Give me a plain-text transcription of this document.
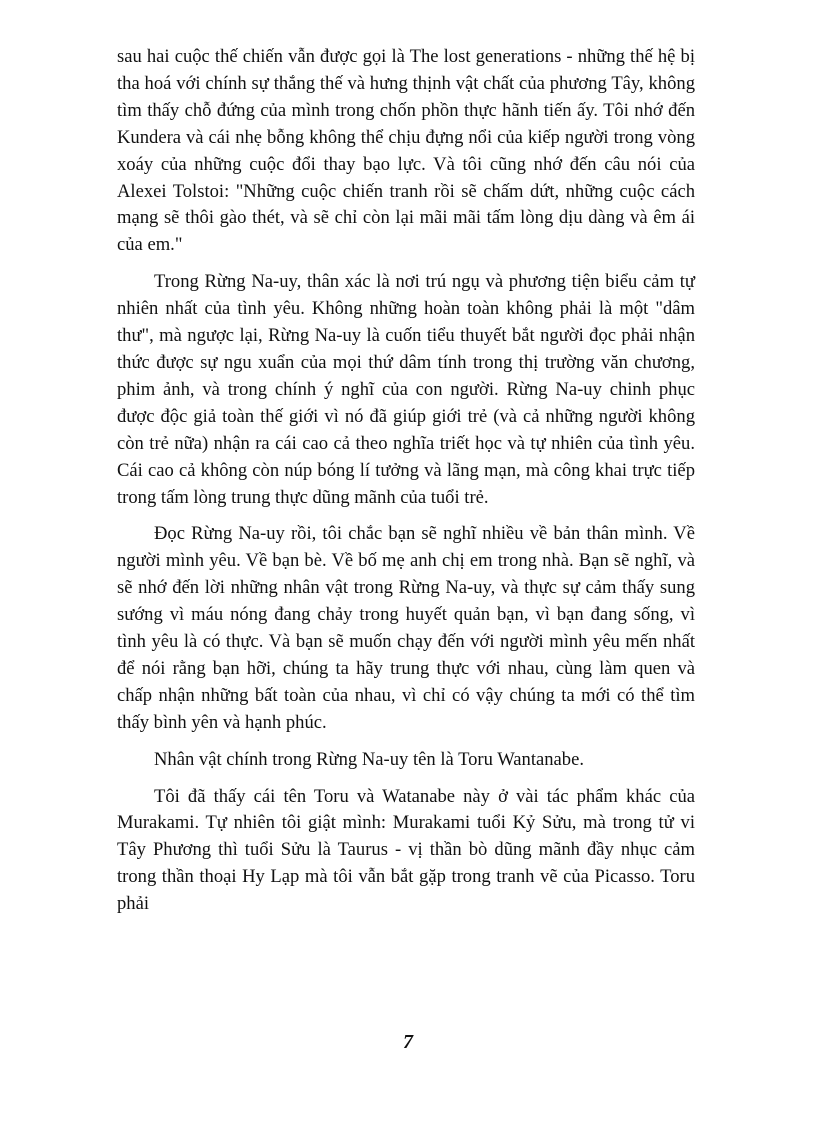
sau hai cuộc thế chiến vẫn được gọi là The lost generations - những thế hệ bị tha hoá với chính sự thắng thế và hưng thịnh vật chất của phương Tây, không tìm thấy chỗ đứng của mình trong chốn phồn thực hãnh tiến ấy. Tôi nhớ đến Kundera và cái nhẹ bỗng không thể chịu đựng nổi của kiếp người trong vòng xoáy của những cuộc đổi thay bạo lực. Và tôi cũng nhớ đến câu nói của Alexei Tolstoi: "Những cuộc chiến tranh rồi sẽ chấm dứt, những cuộc cách mạng sẽ thôi gào thét, và sẽ chỉ còn lại mãi mãi tấm lòng dịu dàng và êm ái của em."

Trong Rừng Na-uy, thân xác là nơi trú ngụ và phương tiện biểu cảm tự nhiên nhất của tình yêu. Không những hoàn toàn không phải là một "dâm thư", mà ngược lại, Rừng Na-uy là cuốn tiểu thuyết bắt người đọc phải nhận thức được sự ngu xuẩn của mọi thứ dâm tính trong thị trường văn chương, phim ảnh, và trong chính ý nghĩ của con người. Rừng Na-uy chinh phục được độc giả toàn thế giới vì nó đã giúp giới trẻ (và cả những người không còn trẻ nữa) nhận ra cái cao cả theo nghĩa triết học và tự nhiên của tình yêu. Cái cao cả không còn núp bóng lí tưởng và lãng mạn, mà công khai trực tiếp trong tấm lòng trung thực dũng mãnh của tuổi trẻ.

Đọc Rừng Na-uy rồi, tôi chắc bạn sẽ nghĩ nhiều về bản thân mình. Về người mình yêu. Về bạn bè. Về bố mẹ anh chị em trong nhà. Bạn sẽ nghĩ, và sẽ nhớ đến lời những nhân vật trong Rừng Na-uy, và thực sự cảm thấy sung sướng vì máu nóng đang chảy trong huyết quản bạn, vì bạn đang sống, vì tình yêu là có thực. Và bạn sẽ muốn chạy đến với người mình yêu mến nhất để nói rằng bạn hỡi, chúng ta hãy trung thực với nhau, cùng làm quen và chấp nhận những bất toàn của nhau, vì chỉ có vậy chúng ta mới có thể tìm thấy bình yên và hạnh phúc.

Nhân vật chính trong Rừng Na-uy tên là Toru Wantanabe.

Tôi đã thấy cái tên Toru và Watanabe này ở vài tác phẩm khác của Murakami. Tự nhiên tôi giật mình: Murakami tuổi Kỷ Sửu, mà trong tử vi Tây Phương thì tuổi Sửu là Taurus - vị thần bò dũng mãnh đầy nhục cảm trong thần thoại Hy Lạp mà tôi vẫn bắt gặp trong tranh vẽ của Picasso. Toru phải

7
